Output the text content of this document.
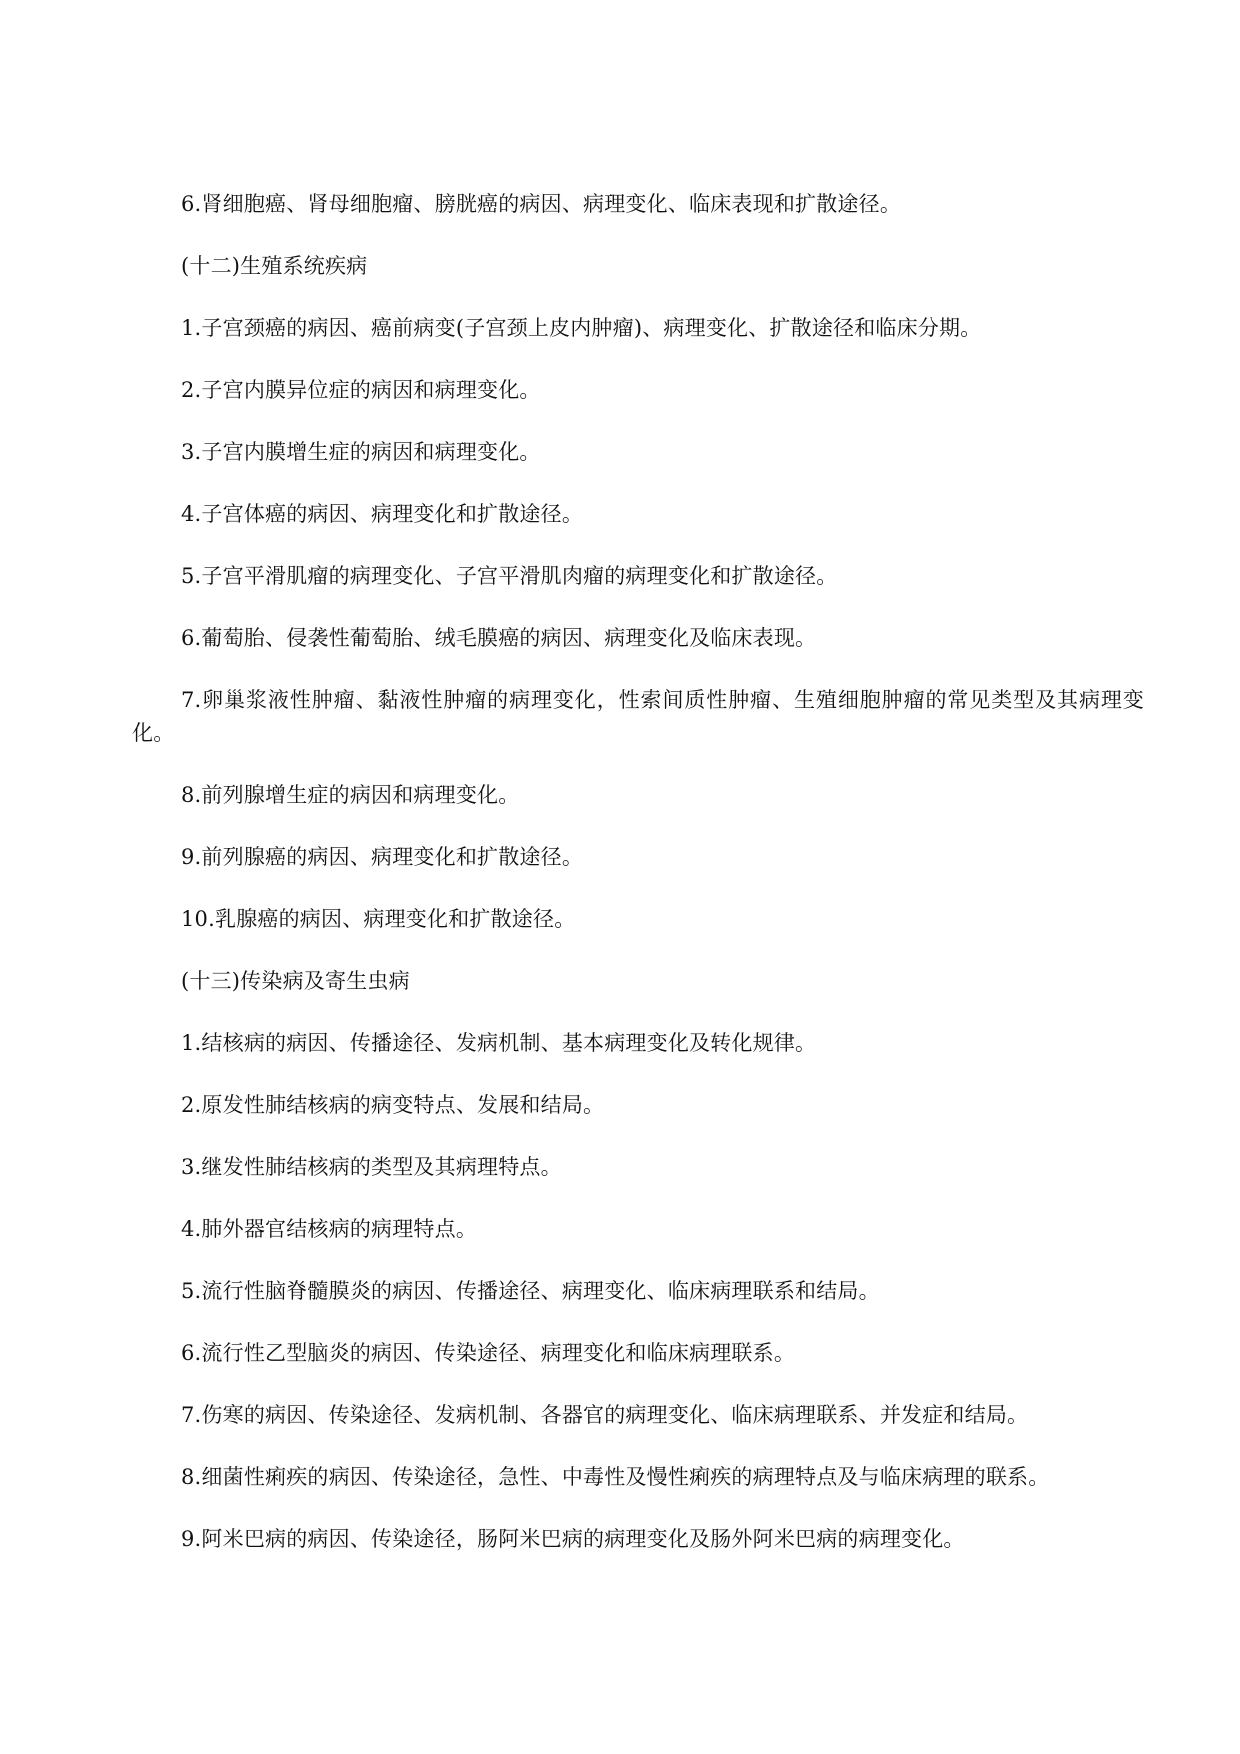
6.肾细胞癌、肾母细胞瘤、膀胱癌的病因、病理变化、临床表现和扩散途径。

(十二)生殖系统疾病

1.子宫颈癌的病因、癌前病变(子宫颈上皮内肿瘤)、病理变化、扩散途径和临床分期。

2.子宫内膜异位症的病因和病理变化。

3.子宫内膜增生症的病因和病理变化。

4.子宫体癌的病因、病理变化和扩散途径。

5.子宫平滑肌瘤的病理变化、子宫平滑肌肉瘤的病理变化和扩散途径。

6.葡萄胎、侵袭性葡萄胎、绒毛膜癌的病因、病理变化及临床表现。

7.卵巢浆液性肿瘤、黏液性肿瘤的病理变化，性索间质性肿瘤、生殖细胞肿瘤的常见类型及其病理变化。

8.前列腺增生症的病因和病理变化。

9.前列腺癌的病因、病理变化和扩散途径。

10.乳腺癌的病因、病理变化和扩散途径。

(十三)传染病及寄生虫病

1.结核病的病因、传播途径、发病机制、基本病理变化及转化规律。

2.原发性肺结核病的病变特点、发展和结局。

3.继发性肺结核病的类型及其病理特点。

4.肺外器官结核病的病理特点。

5.流行性脑脊髓膜炎的病因、传播途径、病理变化、临床病理联系和结局。

6.流行性乙型脑炎的病因、传染途径、病理变化和临床病理联系。

7.伤寒的病因、传染途径、发病机制、各器官的病理变化、临床病理联系、并发症和结局。

8.细菌性痢疾的病因、传染途径，急性、中毒性及慢性痢疾的病理特点及与临床病理的联系。

9.阿米巴病的病因、传染途径，肠阿米巴病的病理变化及肠外阿米巴病的病理变化。
